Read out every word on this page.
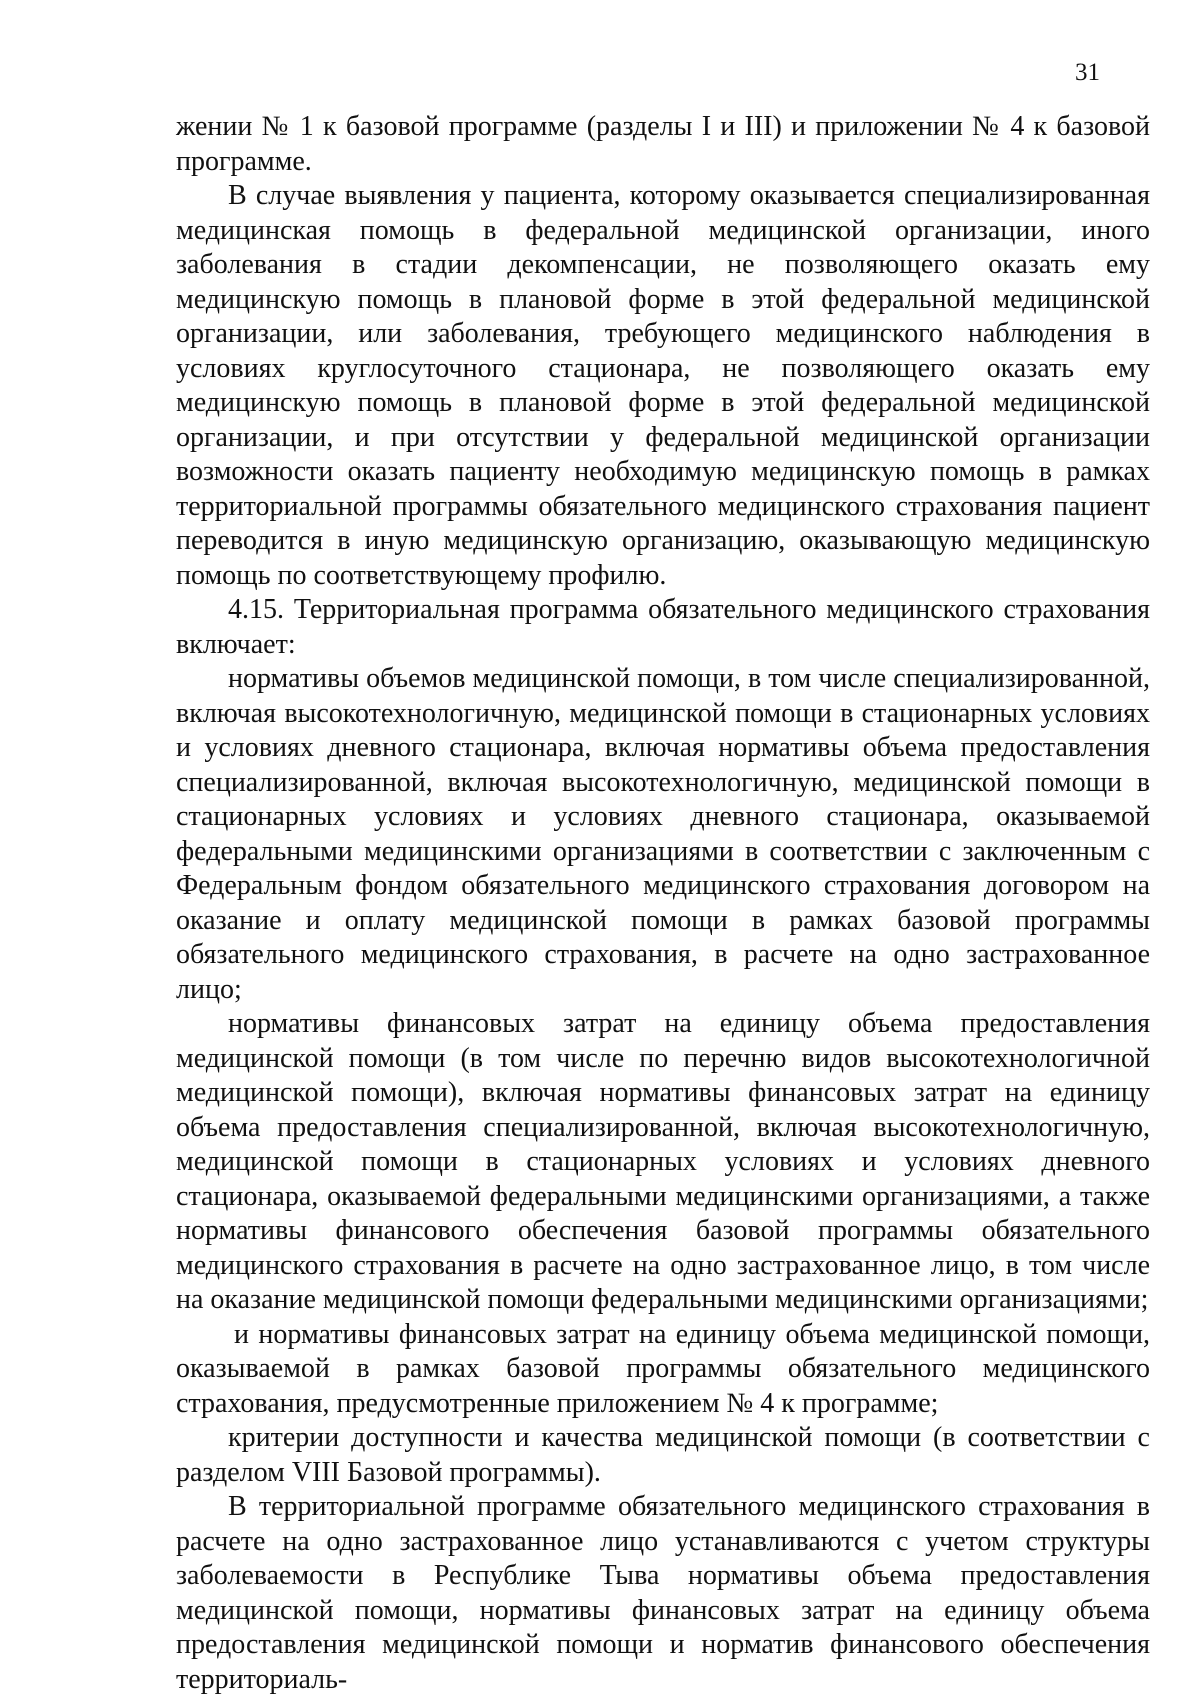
31

жении № 1 к базовой программе (разделы I и III) и приложении № 4 к базовой программе.

В случае выявления у пациента, которому оказывается специализированная медицинская помощь в федеральной медицинской организации, иного заболевания в стадии декомпенсации, не позволяющего оказать ему медицинскую помощь в плановой форме в этой федеральной медицинской организации, или заболевания, требующего медицинского наблюдения в условиях круглосуточного стационара, не позволяющего оказать ему медицинскую помощь в плановой форме в этой федеральной медицинской организации, и при отсутствии у федеральной медицинской организации возможности оказать пациенту необходимую медицинскую помощь в рамках территориальной программы обязательного медицинского страхования пациент переводится в иную медицинскую организацию, оказывающую медицинскую помощь по соответствующему профилю.

4.15. Территориальная программа обязательного медицинского страхования включает:

нормативы объемов медицинской помощи, в том числе специализированной, включая высокотехнологичную, медицинской помощи в стационарных условиях и условиях дневного стационара, включая нормативы объема предоставления специализированной, включая высокотехнологичную, медицинской помощи в стационарных условиях и условиях дневного стационара, оказываемой федеральными медицинскими организациями в соответствии с заключенным с Федеральным фондом обязательного медицинского страхования договором на оказание и оплату медицинской помощи в рамках базовой программы обязательного медицинского страхования, в расчете на одно застрахованное лицо;

нормативы финансовых затрат на единицу объема предоставления медицинской помощи (в том числе по перечню видов высокотехнологичной медицинской помощи), включая нормативы финансовых затрат на единицу объема предоставления специализированной, включая высокотехнологичную, медицинской помощи в стационарных условиях и условиях дневного стационара, оказываемой федеральными медицинскими организациями, а также нормативы финансового обеспечения базовой программы обязательного медицинского страхования в расчете на одно застрахованное лицо, в том числе на оказание медицинской помощи федеральными медицинскими организациями;

и нормативы финансовых затрат на единицу объема медицинской помощи, оказываемой в рамках базовой программы обязательного медицинского страхования, предусмотренные приложением № 4 к программе;

критерии доступности и качества медицинской помощи (в соответствии с разделом VIII Базовой программы).

В территориальной программе обязательного медицинского страхования в расчете на одно застрахованное лицо устанавливаются с учетом структуры заболеваемости в Республике Тыва нормативы объема предоставления медицинской помощи, нормативы финансовых затрат на единицу объема предоставления медицинской помощи и норматив финансового обеспечения территориаль-
